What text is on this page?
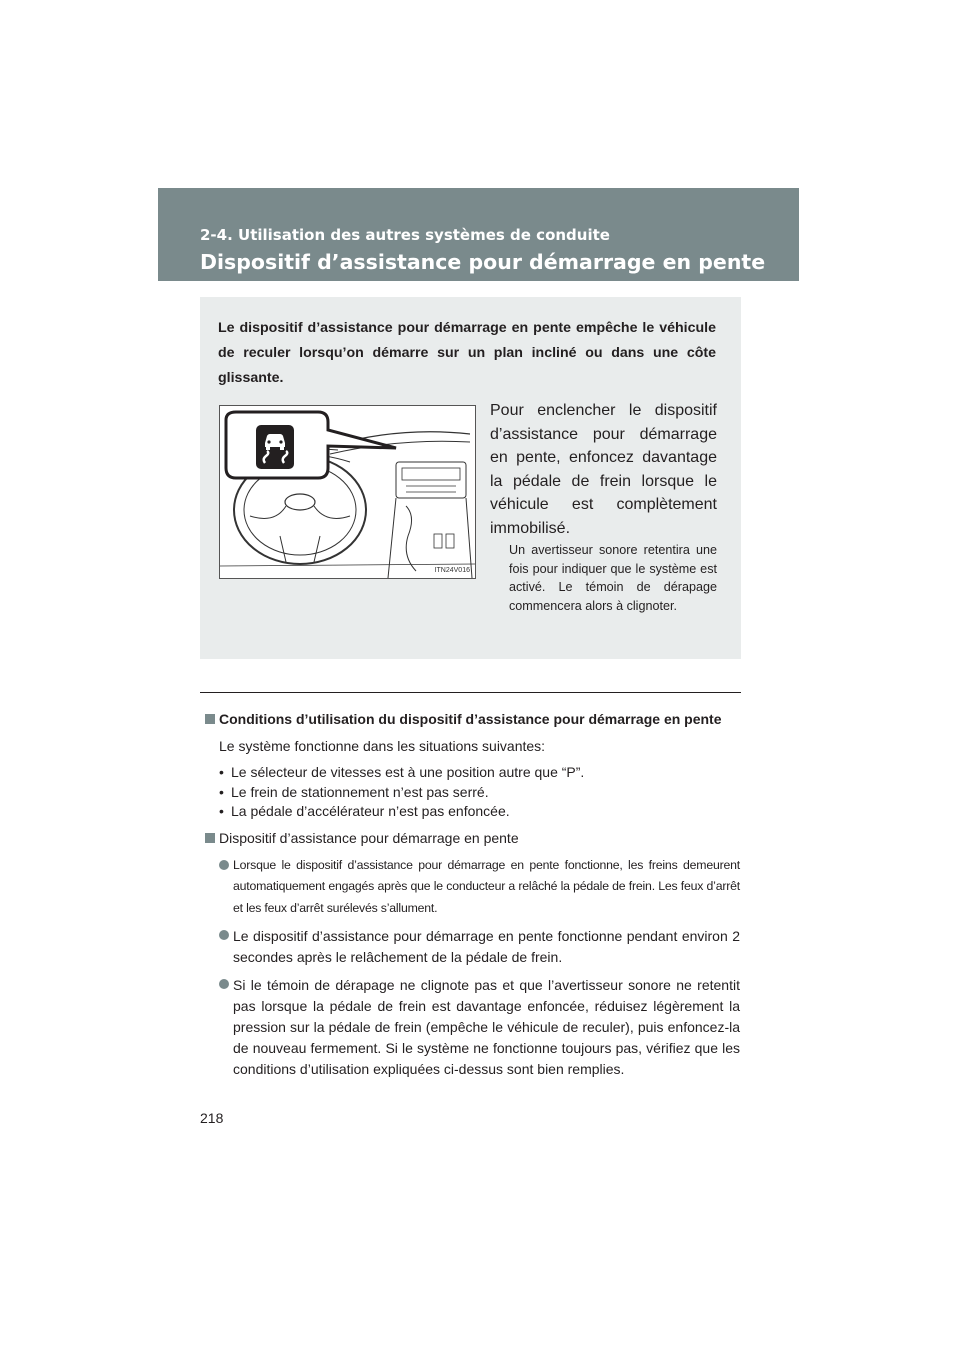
2-4. Utilisation des autres systèmes de conduite
Dispositif d’assistance pour démarrage en pente
Le dispositif d’assistance pour démarrage en pente empêche le véhicule de reculer lorsqu’on démarre sur un plan incliné ou dans une côte glissante.
ITN24V016
Pour enclencher le dispositif d’assistance pour démarrage en pente, enfoncez davantage la pédale de frein lorsque le véhicule est complètement immobilisé.
Un avertisseur sonore retentira une fois pour indiquer que le système est activé. Le témoin de dérapage commencera alors à clignoter.
Conditions d’utilisation du dispositif d’assistance pour démarrage en pente
Le système fonctionne dans les situations suivantes:
• Le sélecteur de vitesses est à une position autre que “P”.
• Le frein de stationnement n’est pas serré.
• La pédale d’accélérateur n’est pas enfoncée.
Dispositif d’assistance pour démarrage en pente
Lorsque le dispositif d’assistance pour démarrage en pente fonctionne, les freins demeurent automatiquement engagés après que le conducteur a relâché la pédale de frein. Les feux d’arrêt et les feux d’arrêt surélevés s’allument.
Le dispositif d’assistance pour démarrage en pente fonctionne pendant environ 2 secondes après le relâchement de la pédale de frein.
Si le témoin de dérapage ne clignote pas et que l’avertisseur sonore ne retentit pas lorsque la pédale de frein est davantage enfoncée, réduisez légèrement la pression sur la pédale de frein (empêche le véhicule de reculer), puis enfoncez-la de nouveau fermement. Si le système ne fonctionne toujours pas, vérifiez que les conditions d’utilisation expliquées ci-dessus sont bien remplies.
218
